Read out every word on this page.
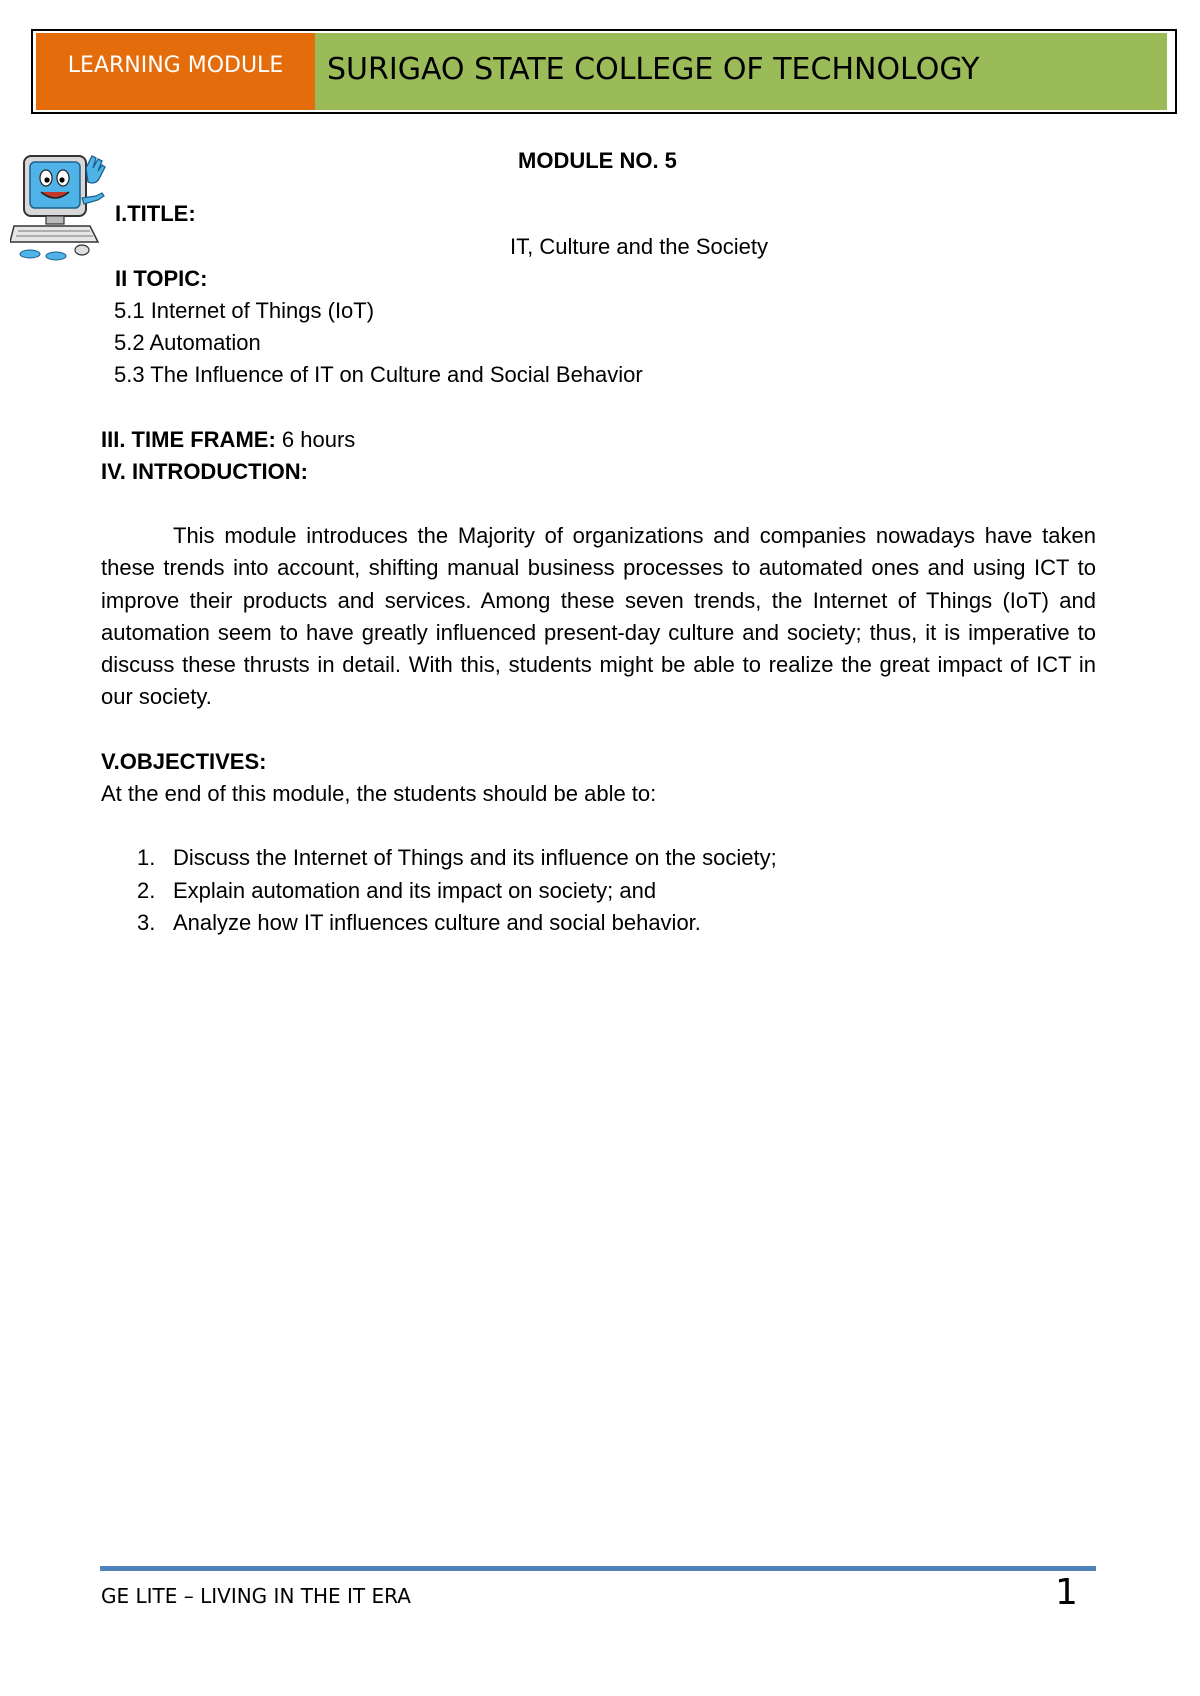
LEARNING MODULE	SURIGAO STATE COLLEGE OF TECHNOLOGY
MODULE NO. 5
I.TITLE:
IT, Culture and the Society
II TOPIC:
5.1 Internet of Things (IoT)
5.2 Automation
5.3 The Influence of IT on Culture and Social Behavior
III. TIME FRAME: 6 hours
IV. INTRODUCTION:
This module introduces the Majority of organizations and companies nowadays have taken these trends into account, shifting manual business processes to automated ones and using ICT to improve their products and services. Among these seven trends, the Internet of Things (IoT) and automation seem to have greatly influenced present-day culture and society; thus, it is imperative to discuss these thrusts in detail. With this, students might be able to realize the great impact of ICT in our society.
V.OBJECTIVES:
At the end of this module, the students should be able to:
1. Discuss the Internet of Things and its influence on the society;
2. Explain automation and its impact on society; and
3. Analyze how IT influences culture and social behavior.
GE LITE – LIVING IN THE IT ERA	1
